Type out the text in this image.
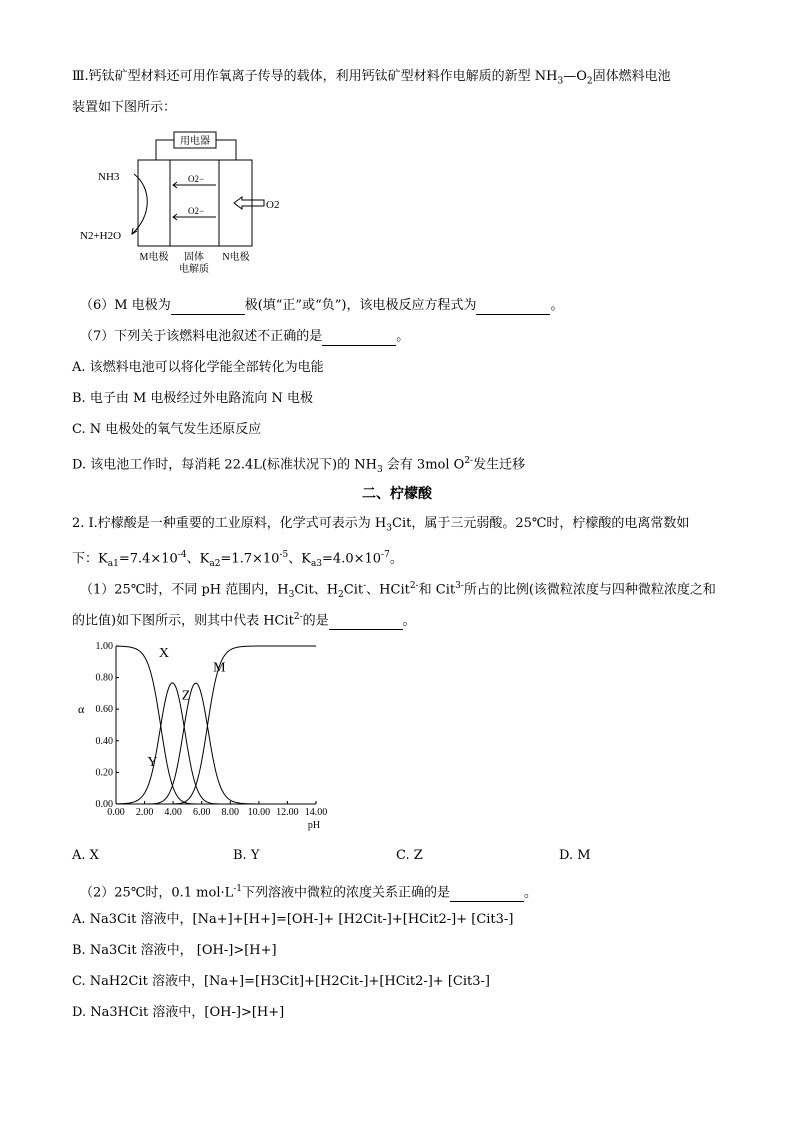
Ⅲ.钙钛矿型材料还可用作氧离子传导的载体，利用钙钛矿型材料作电解质的新型 $NH_3—O_2$固体燃料电池
装置如下图所示：
用电器
NH3
N2+H2O
O2
O2−
O2−
M电极 固体
电解质
N电极
（6）M 电极为	极(填“正”或“负”)，该电极反应方程式为	。
（7）下列关于该燃料电池叙述不正确的是	。
A. 该燃料电池可以将化学能全部转化为电能
B. 电子由 M 电极经过外电路流向 N 电极
C. N 电极处的氧气发生还原反应
D. 该电池工作时，每消耗 22.4L(标准状况下)的 $NH_3$ 会有 3mol $O^{2-}$发生迁移
二、柠檬酸
2. Ⅰ.柠檬酸是一种重要的工业原料，化学式可表示为 $H_3Cit$，属于三元弱酸。25℃时，柠檬酸的电离常数如
下：$K_{a1}=7.4\times 10^{-4}$、$K_{a2}=1.7\times 10^{-5}$、$K_{a3}=4.0\times 10^{-7}$。
（1）25℃时，不同 pH 范围内，$H_3Cit$、$H_2Cit^-$、HCit$^{2-}$和 Cit$^{3-}$所占的比例(该微粒浓度与四种微粒浓度之和
的比值)如下图所示，则其中代表 HCit$^{2-}$的是	。
0.00 2.00 4.00 6.00 8.00 10.00 12.00 14.00
0.00
0.20
0.40
0.60
0.80
1.00
pH
α
X
Y
Z
M
A. X	B. Y	C. Z	D. M
（2）25℃时，0.1 $mol\cdot L^{-1}$下列溶液中微粒的浓度关系正确的是	。
A. Na3Cit 溶液中，[Na+]+[H+]=[OH-]+ [H2Cit-]+[HCit2-]+ [Cit3-]
B. Na3Cit 溶液中， [OH-]>[H+]
C. NaH2Cit 溶液中，[Na+]=[H3Cit]+[H2Cit-]+[HCit2-]+ [Cit3-]
D. Na3HCit 溶液中，[OH-]>[H+]
